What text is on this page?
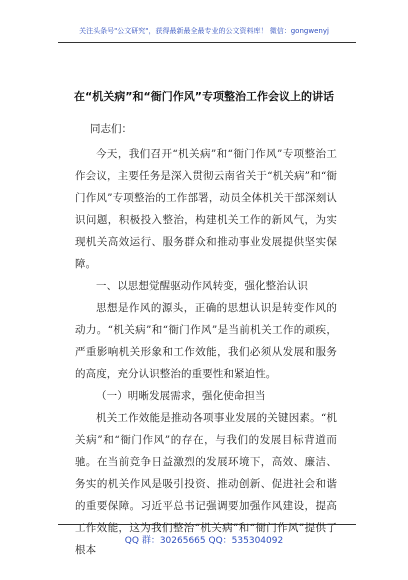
关注头条号"公文研究"，获得最新最全最专业的公文资料库！ 微信：gongwenyj
在“机关病”和“衙门作风”专项整治工作会议上的讲话
同志们：

今天，我们召开“机关病”和“衙门作风”专项整治工作会议，主要任务是深入贯彻云南省关于“机关病”和“衙门作风”专项整治的工作部署，动员全体机关干部深刻认识问题，积极投入整治，构建机关工作的新风气，为实现机关高效运行、服务群众和推动事业发展提供坚实保障。

一、以思想觉醒驱动作风转变，强化整治认识

思想是作风的源头，正确的思想认识是转变作风的动力。“机关病”和“衙门作风”是当前机关工作的顽疾，严重影响机关形象和工作效能，我们必须从发展和服务的高度，充分认识整治的重要性和紧迫性。

（一）明晰发展需求，强化使命担当

机关工作效能是推动各项事业发展的关键因素。“机关病”和“衙门作风”的存在，与我们的发展目标背道而驰。在当前竞争日益激烈的发展环境下，高效、廉洁、务实的机关作风是吸引投资、推动创新、促进社会和谐的重要保障。习近平总书记强调要加强作风建设，提高工作效能，这为我们整治“机关病”和“衙门作风”提供了根本

QQ 群：30265665 QQ：535304092
